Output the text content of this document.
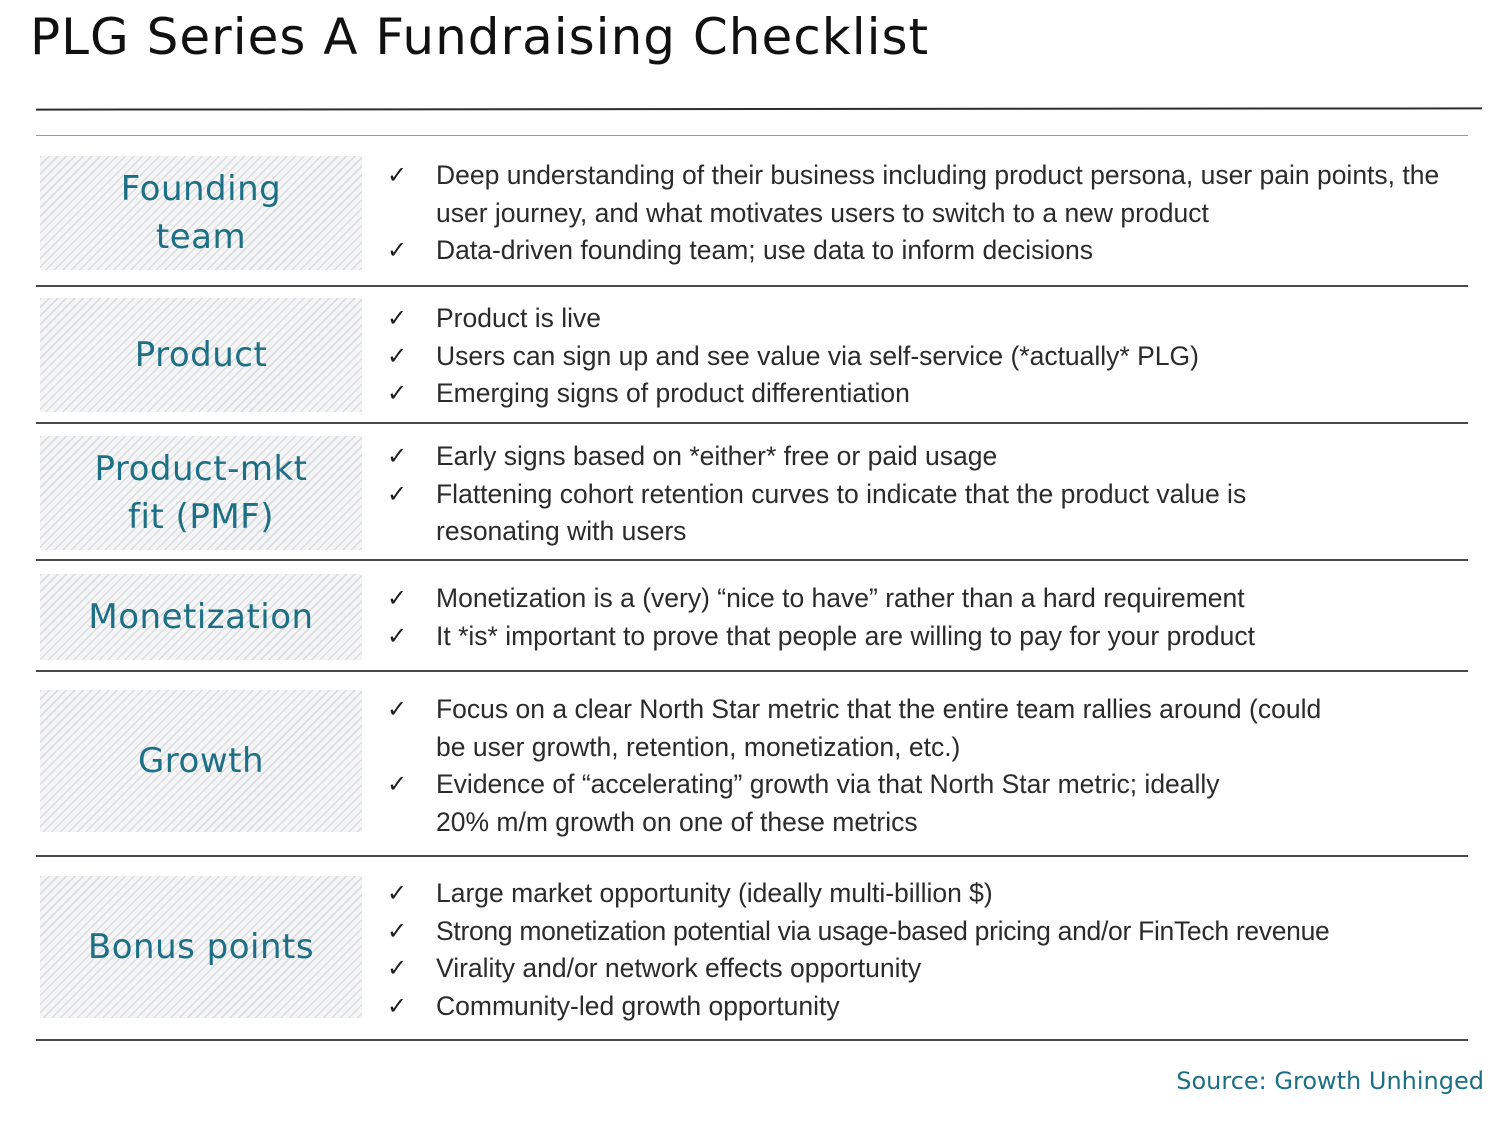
PLG Series A Fundraising Checklist
Founding team
✓ Deep understanding of their business including product persona, user pain points, the user journey, and what motivates users to switch to a new product
✓ Data-driven founding team; use data to inform decisions
Product
✓ Product is live
✓ Users can sign up and see value via self-service (*actually* PLG)
✓ Emerging signs of product differentiation
Product-mkt fit (PMF)
✓ Early signs based on *either* free or paid usage
✓ Flattening cohort retention curves to indicate that the product value is resonating with users
Monetization	✓ Monetization is a (very) “nice to have” rather than a hard requirement
✓ It *is* important to prove that people are willing to pay for your product
Growth
✓ Focus on a clear North Star metric that the entire team rallies around (could be user growth, retention, monetization, etc.)
✓ Evidence of “accelerating” growth via that North Star metric; ideally 20% m/m growth on one of these metrics
Bonus points
✓ Large market opportunity (ideally multi-billion $)
✓ Strong monetization potential via usage-based pricing and/or FinTech revenue
✓ Virality and/or network effects opportunity
✓ Community-led growth opportunity
Source: Growth Unhinged
